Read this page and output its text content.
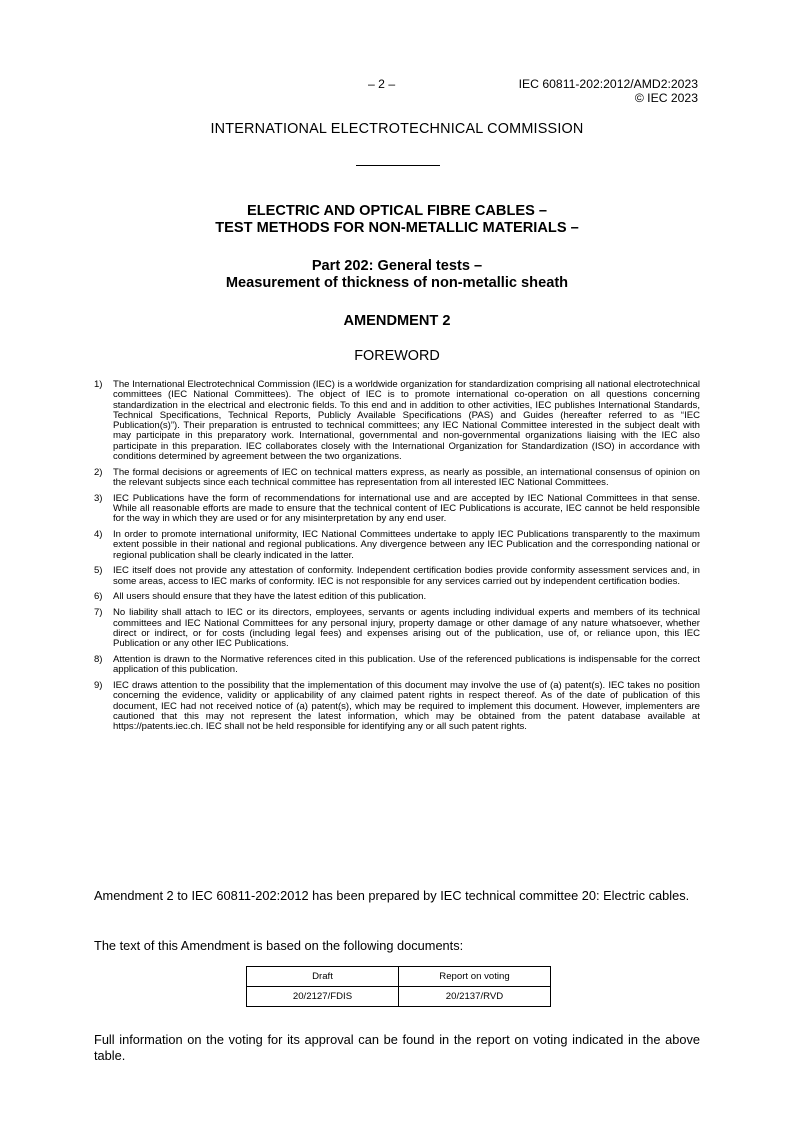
– 2 –	IEC 60811-202:2012/AMD2:2023
© IEC 2023
INTERNATIONAL ELECTROTECHNICAL COMMISSION
ELECTRIC AND OPTICAL FIBRE CABLES –
TEST METHODS FOR NON-METALLIC MATERIALS –
Part 202: General tests –
Measurement of thickness of non-metallic sheath
AMENDMENT 2
FOREWORD
1) The International Electrotechnical Commission (IEC) is a worldwide organization for standardization comprising all national electrotechnical committees (IEC National Committees). The object of IEC is to promote international co-operation on all questions concerning standardization in the electrical and electronic fields. To this end and in addition to other activities, IEC publishes International Standards, Technical Specifications, Technical Reports, Publicly Available Specifications (PAS) and Guides (hereafter referred to as “IEC Publication(s)”). Their preparation is entrusted to technical committees; any IEC National Committee interested in the subject dealt with may participate in this preparatory work. International, governmental and non-governmental organizations liaising with the IEC also participate in this preparation. IEC collaborates closely with the International Organization for Standardization (ISO) in accordance with conditions determined by agreement between the two organizations.
2) The formal decisions or agreements of IEC on technical matters express, as nearly as possible, an international consensus of opinion on the relevant subjects since each technical committee has representation from all interested IEC National Committees.
3) IEC Publications have the form of recommendations for international use and are accepted by IEC National Committees in that sense. While all reasonable efforts are made to ensure that the technical content of IEC Publications is accurate, IEC cannot be held responsible for the way in which they are used or for any misinterpretation by any end user.
4) In order to promote international uniformity, IEC National Committees undertake to apply IEC Publications transparently to the maximum extent possible in their national and regional publications. Any divergence between any IEC Publication and the corresponding national or regional publication shall be clearly indicated in the latter.
5) IEC itself does not provide any attestation of conformity. Independent certification bodies provide conformity assessment services and, in some areas, access to IEC marks of conformity. IEC is not responsible for any services carried out by independent certification bodies.
6) All users should ensure that they have the latest edition of this publication.
7) No liability shall attach to IEC or its directors, employees, servants or agents including individual experts and members of its technical committees and IEC National Committees for any personal injury, property damage or other damage of any nature whatsoever, whether direct or indirect, or for costs (including legal fees) and expenses arising out of the publication, use of, or reliance upon, this IEC Publication or any other IEC Publications.
8) Attention is drawn to the Normative references cited in this publication. Use of the referenced publications is indispensable for the correct application of this publication.
9) IEC draws attention to the possibility that the implementation of this document may involve the use of (a) patent(s). IEC takes no position concerning the evidence, validity or applicability of any claimed patent rights in respect thereof. As of the date of publication of this document, IEC had not received notice of (a) patent(s), which may be required to implement this document. However, implementers are cautioned that this may not represent the latest information, which may be obtained from the patent database available at https://patents.iec.ch. IEC shall not be held responsible for identifying any or all such patent rights.
Amendment 2 to IEC 60811-202:2012 has been prepared by IEC technical committee 20: Electric cables.
The text of this Amendment is based on the following documents:
Draft	Report on voting
20/2127/FDIS	20/2137/RVD
Full information on the voting for its approval can be found in the report on voting indicated in the above table.
